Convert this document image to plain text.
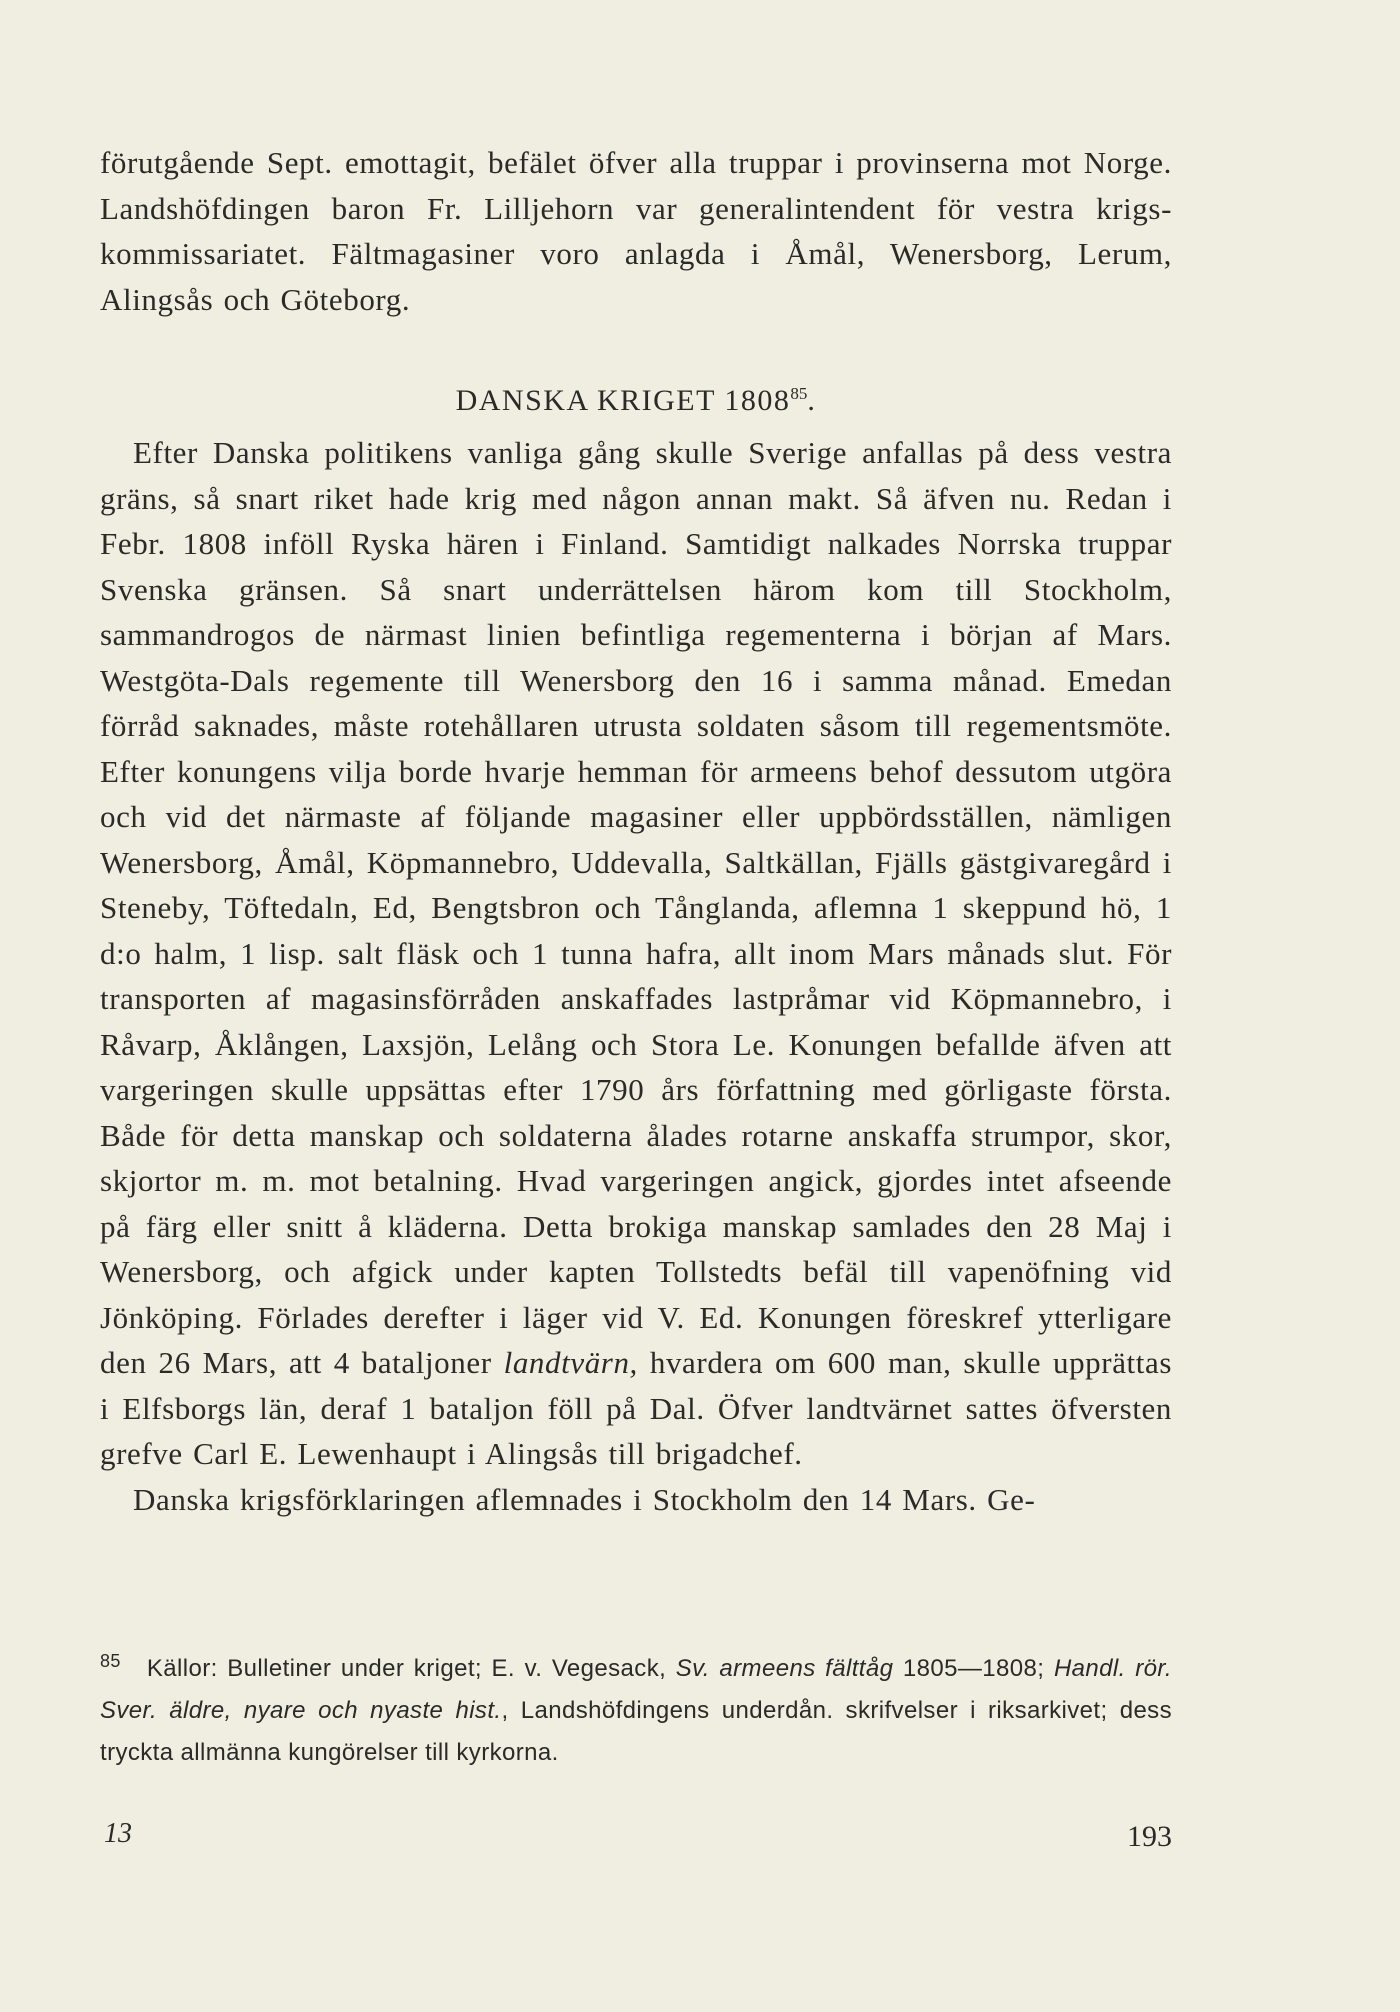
förutgående Sept. emottagit, befälet öfver alla truppar i provinserna mot Norge. Landshöfdingen baron Fr. Lilljehorn var generalintendent för vestra krigs-kommissariatet. Fältmagasiner voro anlagda i Åmål, Wenersborg, Lerum, Alingsås och Göteborg.

DANSKA KRIGET 1808$^{85}$.

Efter Danska politikens vanliga gång skulle Sverige anfallas på dess vestra gräns, så snart riket hade krig med någon annan makt. Så äfven nu. Redan i Febr. 1808 inföll Ryska hären i Finland. Samtidigt nalkades Norrska truppar Svenska gränsen. Så snart underrättelsen härom kom till Stockholm, sammandrogos de närmast linien befintliga regementerna i början af Mars. Westgöta-Dals regemente till Wenersborg den 16 i samma månad. Emedan förråd saknades, måste rotehållaren utrusta soldaten såsom till regementsmöte. Efter konungens vilja borde hvarje hemman för armeens behof dessutom utgöra och vid det närmaste af följande magasiner eller uppbördsställen, nämligen Wenersborg, Åmål, Köpmannebro, Uddevalla, Saltkällan, Fjälls gästgivaregård i Steneby, Töftedaln, Ed, Bengtsbron och Tånglanda, aflemna 1 skeppund hö, 1 d:o halm, 1 lisp. salt fläsk och 1 tunna hafra, allt inom Mars månads slut. För transporten af magasinsförråden anskaffades lastpråmar vid Köpmannebro, i Råvarp, Åklången, Laxsjön, Lelång och Stora Le. Konungen befallde äfven att vargeringen skulle uppsättas efter 1790 års författning med görligaste första. Både för detta manskap och soldaterna ålades rotarne anskaffa strumpor, skor, skjortor m. m. mot betalning. Hvad vargeringen angick, gjordes intet afseende på färg eller snitt å kläderna. Detta brokiga manskap samlades den 28 Maj i Wenersborg, och afgick under kapten Tollstedts befäl till vapenöfning vid Jönköping. Förlades derefter i läger vid V. Ed. Konungen föreskref ytterligare den 26 Mars, att 4 bataljoner landtvärn, hvardera om 600 man, skulle upprättas i Elfsborgs län, deraf 1 bataljon föll på Dal. Öfver landtvärnet sattes öfversten grefve Carl E. Lewenhaupt i Alingsås till brigadchef.

Danska krigsförklaringen aflemnades i Stockholm den 14 Mars. Ge-

$^{85}$ Källor: Bulletiner under kriget; E. v. Vegesack, Sv. armeens fälttåg 1805—1808; Handl. rör. Sver. äldre, nyare och nyaste hist., Landshöfdingens underdån. skrifvelser i riksarkivet; dess tryckta allmänna kungörelser till kyrkorna.

13	193
